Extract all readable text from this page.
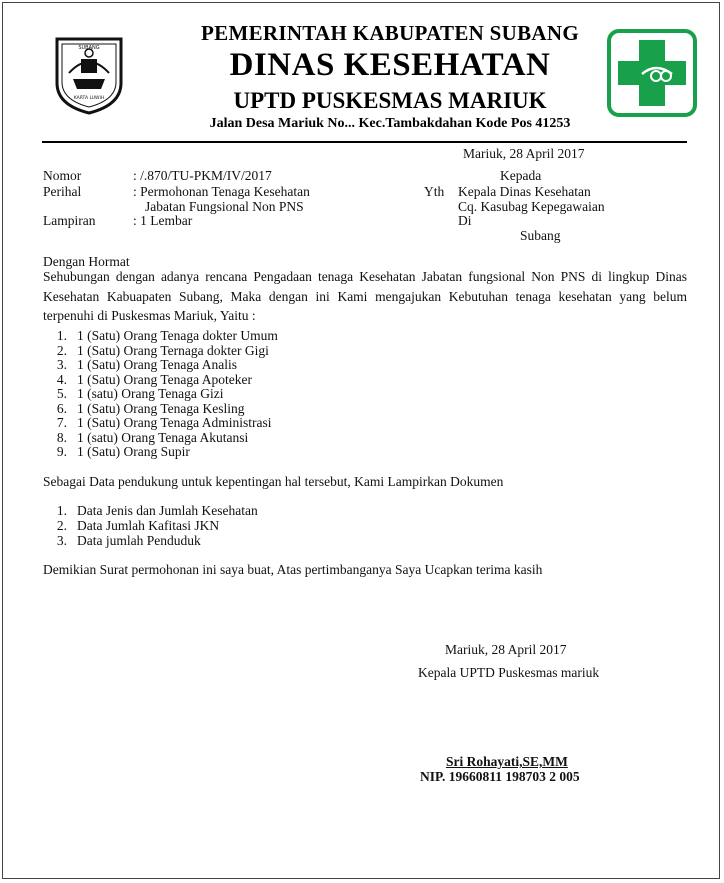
SUBANG
KARTA LUWIH
PEMERINTAH KABUPATEN SUBANG
DINAS KESEHATAN
UPTD PUSKESMAS MARIUK
Jalan Desa Mariuk No... Kec.Tambakdahan Kode Pos 41253
Mariuk, 28 April 2017
Nomor	: /.870/TU-PKM/IV/2017
Perihal	: Permohonan Tenaga Kesehatan
Jabatan Fungsional Non PNS
Lampiran	: 1 Lembar
Kepada
Yth Kepala Dinas Kesehatan
Cq. Kasubag Kepegawaian
Di
Subang
Dengan Hormat
Sehubungan dengan adanya rencana Pengadaan tenaga Kesehatan Jabatan fungsional Non PNS di lingkup Dinas Kesehatan Kabuapaten Subang, Maka dengan ini Kami mengajukan Kebutuhan tenaga kesehatan yang belum terpenuhi di Puskesmas Mariuk, Yaitu :
1. 1 (Satu) Orang Tenaga dokter Umum
2. 1 (Satu) Orang Ternaga dokter Gigi
3. 1 (Satu) Orang Tenaga Analis
4. 1 (Satu) Orang Tenaga Apoteker
5. 1 (satu) Orang Tenaga Gizi
6. 1 (Satu) Orang Tenaga Kesling
7. 1 (Satu) Orang Tenaga Administrasi
8. 1 (satu) Orang Tenaga Akutansi
9. 1 (Satu) Orang Supir
Sebagai Data pendukung untuk kepentingan hal tersebut, Kami Lampirkan Dokumen
1. Data Jenis dan Jumlah Kesehatan
2. Data Jumlah Kafitasi JKN
3. Data jumlah Penduduk
Demikian Surat permohonan ini saya buat, Atas pertimbanganya Saya Ucapkan terima kasih
Mariuk, 28 April 2017
Kepala UPTD Puskesmas mariuk
Sri Rohayati,SE,MM
NIP. 19660811 198703 2 005
